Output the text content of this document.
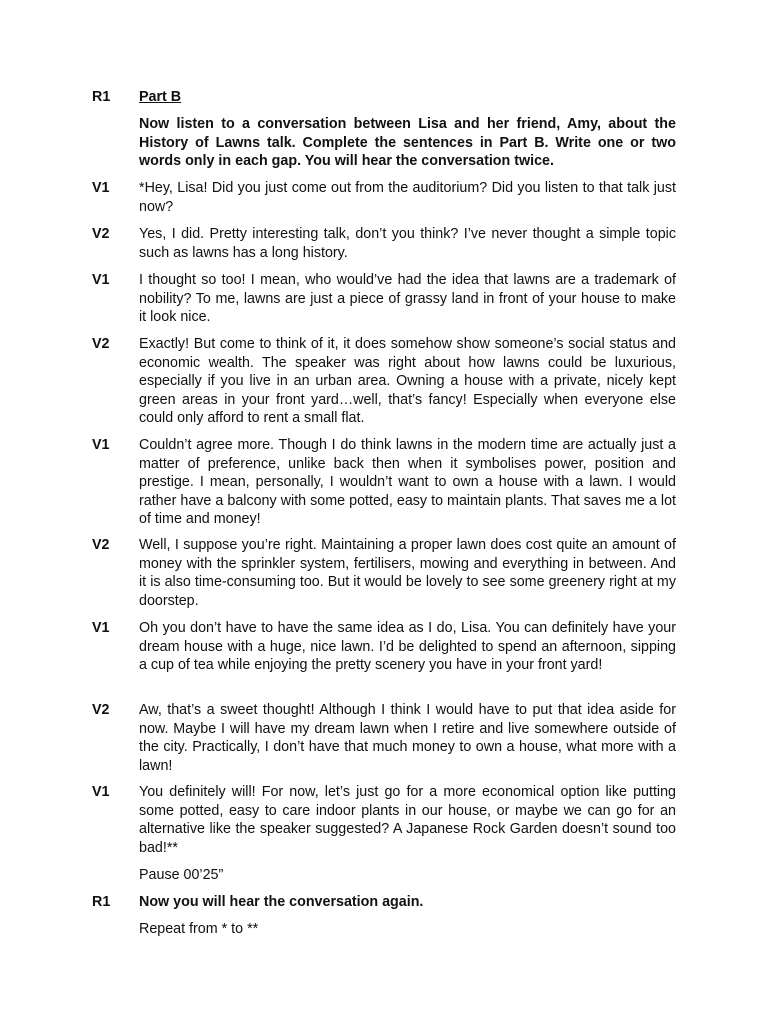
R1	Part B
Now listen to a conversation between Lisa and her friend, Amy, about the History of Lawns talk. Complete the sentences in Part B. Write one or two words only in each gap. You will hear the conversation twice.
V1	*Hey, Lisa! Did you just come out from the auditorium? Did you listen to that talk just now?
V2	Yes, I did. Pretty interesting talk, don’t you think? I’ve never thought a simple topic such as lawns has a long history.
V1	I thought so too! I mean, who would’ve had the idea that lawns are a trademark of nobility? To me, lawns are just a piece of grassy land in front of your house to make it look nice.
V2	Exactly! But come to think of it, it does somehow show someone’s social status and economic wealth. The speaker was right about how lawns could be luxurious, especially if you live in an urban area. Owning a house with a private, nicely kept green areas in your front yard…well, that’s fancy! Especially when everyone else could only afford to rent a small flat.
V1	Couldn’t agree more. Though I do think lawns in the modern time are actually just a matter of preference, unlike back then when it symbolises power, position and prestige. I mean, personally, I wouldn’t want to own a house with a lawn. I would rather have a balcony with some potted, easy to maintain plants. That saves me a lot of time and money!
V2	Well, I suppose you’re right. Maintaining a proper lawn does cost quite an amount of money with the sprinkler system, fertilisers, mowing and everything in between. And it is also time-consuming too. But it would be lovely to see some greenery right at my doorstep.
V1	Oh you don’t have to have the same idea as I do, Lisa. You can definitely have your dream house with a huge, nice lawn. I’d be delighted to spend an afternoon, sipping a cup of tea while enjoying the pretty scenery you have in your front yard!
V2	Aw, that’s a sweet thought! Although I think I would have to put that idea aside for now. Maybe I will have my dream lawn when I retire and live somewhere outside of the city. Practically, I don’t have that much money to own a house, what more with a lawn!
V1	You definitely will! For now, let’s just go for a more economical option like putting some potted, easy to care indoor plants in our house, or maybe we can go for an alternative like the speaker suggested? A Japanese Rock Garden doesn’t sound too bad!**
Pause 00’25”
R1	Now you will hear the conversation again.
Repeat from * to **
